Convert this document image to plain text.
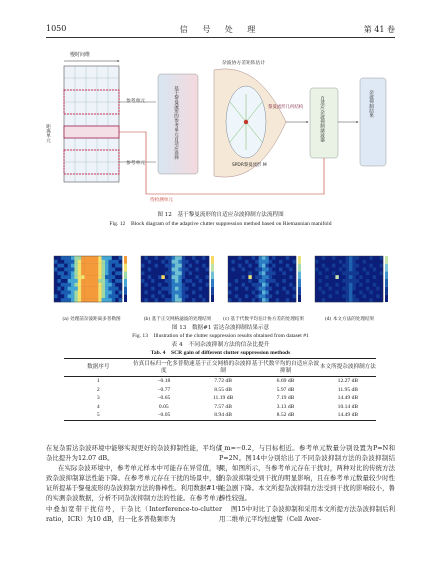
1050	信 号 处 理	第 41 卷
慢时间维
距离单元
参考单元
参考单元
基于黎曼流形的参考单元自适应选择
杂波协方差矩阵估计
黎曼流形几何结构
SPDR黎曼流形 M
自适应杂波抑制滤波器	杂波抑制结果
待检测单元
图 12　基于黎曼流形的自适应杂波抑制方法流程图
Fig. 12　Block diagram of the adaptive clutter suppression method based on Riemannian manifold
(a) 处理前杂波距离多普勒图	(b) 基于正交网格滤波的处理结果	(c) 基于代数平均估计协方差的处理结果	(d) 本文方法的处理结果
图 13　数据#1 雷达杂波抑制结果示意
Fig. 13　Illustration of the clutter suppression results obtained from dataset #1
表 4　不同杂波抑制方法的信杂比提升
Tab. 4　SCR gain of different clutter suppression methods
数据序号	仿真目标归一化多普勒速度	基于正交网格的杂波抑制	基于代数平均的自适应杂波抑制	本文所提杂波抑制方法
1	−0.18	7.72 dB	6.69 dB	12.27 dB
2	−0.77	8.55 dB	5.97 dB	11.95 dB
3	−0.65	11.19 dB	7.19 dB	14.49 dB
4	0.05	7.57 dB	3.13 dB	10.14 dB
5	−0.05	8.94 dB	8.52 dB	14.49 dB

在复杂雷达杂波环境中能够实现更好的杂波抑制性能，平均信杂比提升为12.07 dB。

在实际杂波环境中，参考单元样本中可能存在异常值，导致杂波抑制算法性能下降。在参考单元存在干扰的场景中，验证所提基于黎曼流形的杂波抑制方法的鲁棒性。利用数据#1中的实测杂波数据，分析不同杂波抑制方法的性能。在参考单元中叠加宽带干扰信号，干杂比（Interference-to-clutter ratio，ICR）为10 dB，归一化多普勒频率为

f_m=−0.2，与目标相近。参考单元数量分别设置为P=N和P=2N。图14中分别给出了不同杂波抑制方法的杂波抑制结果，如图所示，当参考单元存在干扰时，两种对比的传统方法的杂波抑制受到干扰的明显影响，且在参考单元数量较少时性能急剧下降。本文所提杂波抑制方法受到干扰的影响较小，鲁棒性较强。

图15中对比了杂波抑制和采用本文所提方法杂波抑制后利用二维单元平均恒虚警（Cell Aver-
